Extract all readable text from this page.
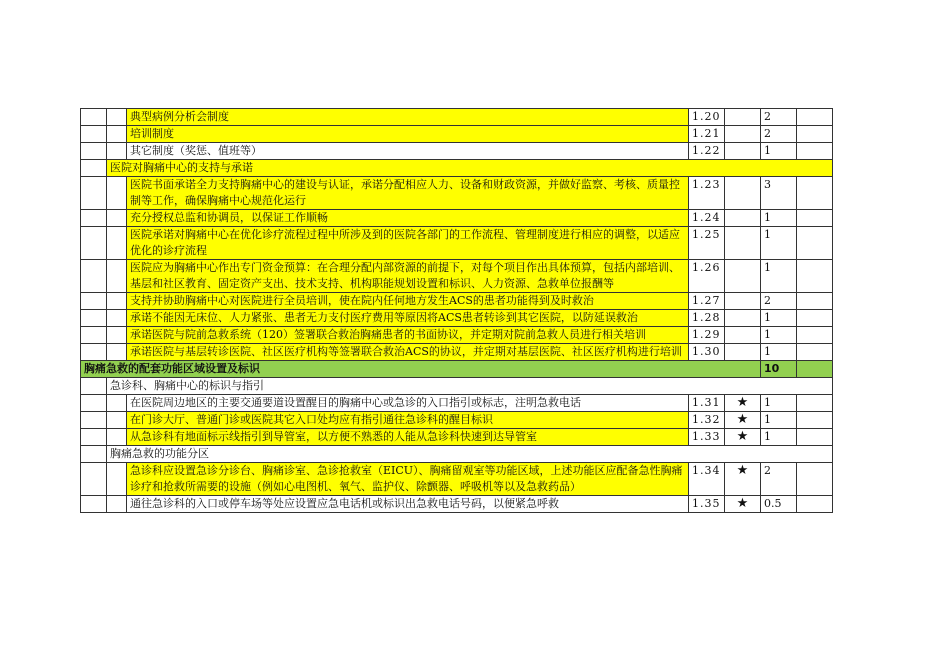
		典型病例分析会制度	1.20		2	
		培训制度	1.21		2	
		其它制度（奖惩、值班等）	1.22		1	
	医院对胸痛中心的支持与承诺					
		医院书面承诺全力支持胸痛中心的建设与认证，承诺分配相应人力、设备和财政资源，并做好监察、考核、质量控制等工作，确保胸痛中心规范化运行	1.23		3	
		充分授权总监和协调员，以保证工作顺畅	1.24		1	
		医院承诺对胸痛中心在优化诊疗流程过程中所涉及到的医院各部门的工作流程、管理制度进行相应的调整，以适应优化的诊疗流程	1.25		1	
		医院应为胸痛中心作出专门资金预算：在合理分配内部资源的前提下，对每个项目作出具体预算，包括内部培训、基层和社区教育、固定资产支出、技术支持、机构职能规划设置和标识、人力资源、急救单位报酬等	1.26		1	
		支持并协助胸痛中心对医院进行全员培训，使在院内任何地方发生ACS的患者功能得到及时救治	1.27		2	
		承诺不能因无床位、人力紧张、患者无力支付医疗费用等原因将ACS患者转诊到其它医院，以防延误救治	1.28		1	
		承诺医院与院前急救系统（120）签署联合救治胸痛患者的书面协议，并定期对院前急救人员进行相关培训	1.29		1	
		承诺医院与基层转诊医院、社区医疗机构等签署联合救治ACS的协议，并定期对基层医院、社区医疗机构进行培训	1.30		1	
胸痛急救的配套功能区域设置及标识					10	
	急诊科、胸痛中心的标识与指引					
		在医院周边地区的主要交通要道设置醒目的胸痛中心或急诊的入口指引或标志，注明急救电话	1.31	★	1	
		在门诊大厅、普通门诊或医院其它入口处均应有指引通往急诊科的醒目标识	1.32	★	1	
		从急诊科有地面标示线指引到导管室，以方便不熟悉的人能从急诊科快速到达导管室	1.33	★	1	
	胸痛急救的功能分区					
		急诊科应设置急诊分诊台、胸痛诊室、急诊抢救室（EICU）、胸痛留观室等功能区域，上述功能区应配备急性胸痛诊疗和抢救所需要的设施（例如心电图机、氧气、监护仪、除颤器、呼吸机等以及急救药品）	1.34	★	2	
		通往急诊科的入口或停车场等处应设置应急电话机或标识出急救电话号码，以便紧急呼救	1.35	★	0.5	
